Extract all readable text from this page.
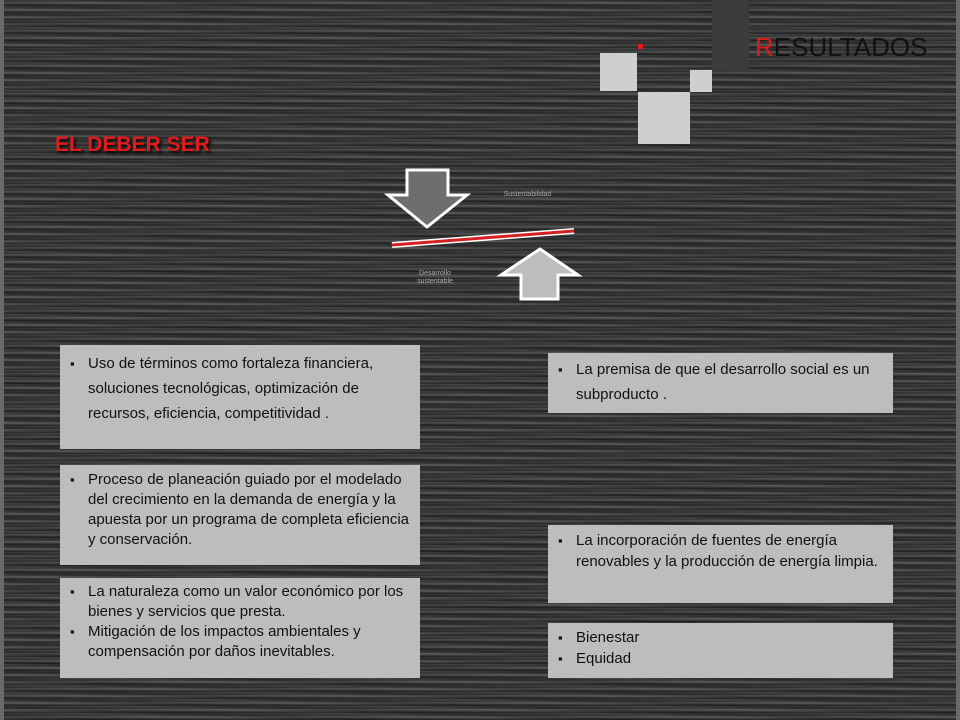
RESULTADOS
EL DEBER SER
Sustentabilidad
Desarrollo
sustentable
▪ Uso de términos como fortaleza financiera, soluciones tecnológicas, optimización de recursos, eficiencia, competitividad .
▪ Proceso de planeación guiado por el modelado del crecimiento en la demanda de energía y la apuesta por un programa de completa eficiencia y conservación.
▪ La naturaleza como un valor económico por los bienes y servicios que presta.
▪ Mitigación de los impactos ambientales y compensación por daños inevitables.
▪ La premisa de que el desarrollo social es un subproducto .
▪ La incorporación de fuentes de energía renovables y la producción de energía limpia.
▪ Bienestar
▪ Equidad
